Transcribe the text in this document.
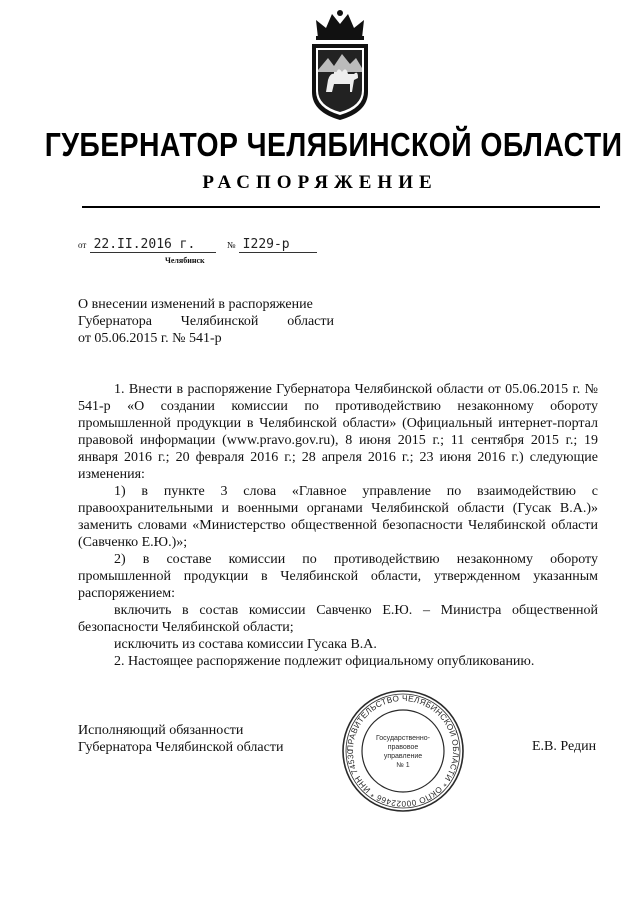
ГУБЕРНАТОР ЧЕЛЯБИНСКОЙ ОБЛАСТИ
РАСПОРЯЖЕНИЕ
от 22.II.2016 г.	№ I229-р
Челябинск
О внесении изменений в распоряжение
Губернатора Челябинской области
от 05.06.2015 г. № 541-р

1. Внести в распоряжение Губернатора Челябинской области от 05.06.2015 г. № 541-р «О создании комиссии по противодействию незаконному обороту промышленной продукции в Челябинской области» (Официальный интернет-портал правовой информации (www.pravo.gov.ru), 8 июня 2015 г.; 11 сентября 2015 г.; 19 января 2016 г.; 20 февраля 2016 г.; 28 апреля 2016 г.; 23 июня 2016 г.) следующие изменения:

1) в пункте 3 слова «Главное управление по взаимодействию с правоохранительными и военными органами Челябинской области (Гусак В.А.)» заменить словами «Министерство общественной безопасности Челябинской области (Савченко Е.Ю.)»;

2) в составе комиссии по противодействию незаконному обороту промышленной продукции в Челябинской области, утвержденном указанным распоряжением:

включить в состав комиссии Савченко Е.Ю. – Министра общественной безопасности Челябинской области;

исключить из состава комиссии Гусака В.А.

2. Настоящее распоряжение подлежит официальному опубликованию.

Исполняющий обязанности
Губернатора Челябинской области	Е.В. Редин
ПРАВИТЕЛЬСТВО ЧЕЛЯБИНСКОЙ ОБЛАСТИ * ОКПО 00022466 * ИНН 74530
Государственно-
правовое
управление
№ 1
